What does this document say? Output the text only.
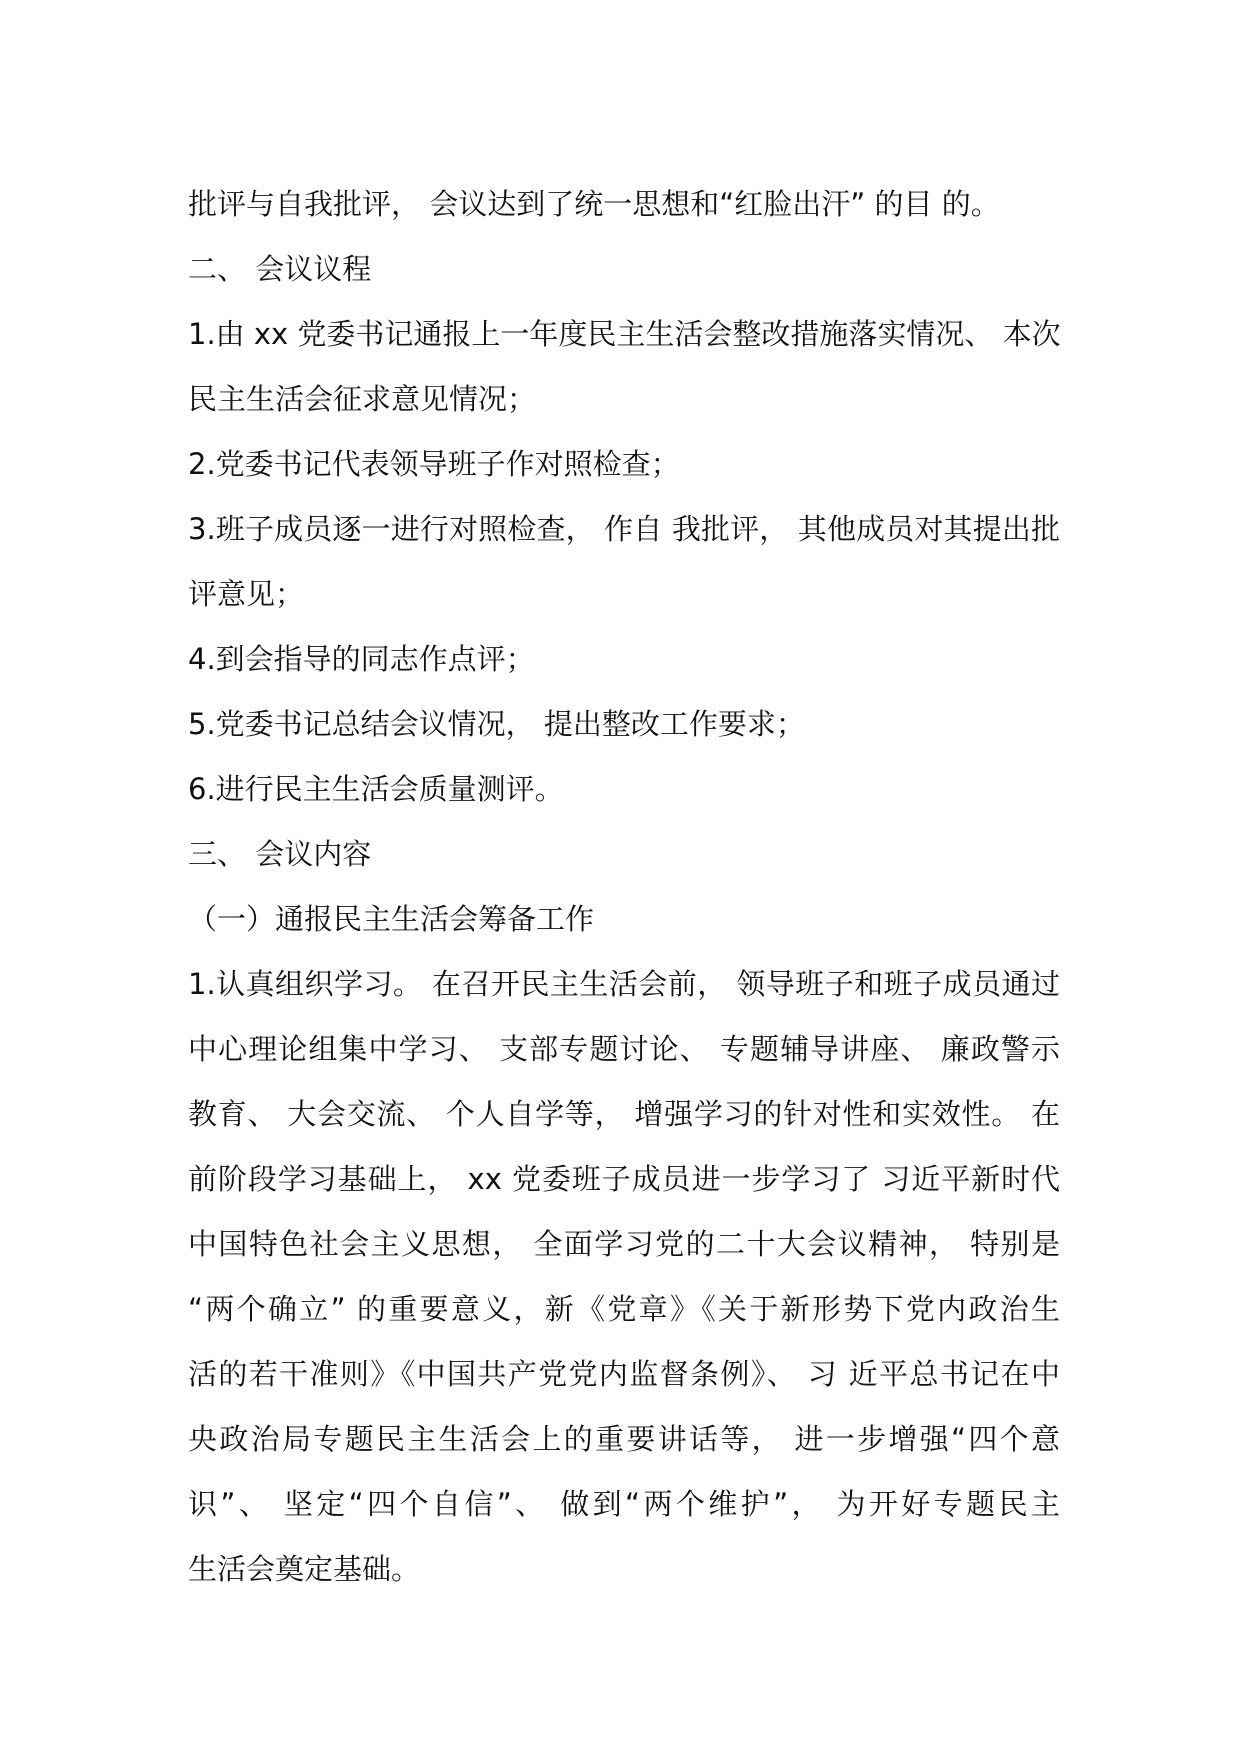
批评与自我批评， 会议达到了统一思想和“红脸出汗” 的目 的。
二、 会议议程
1.由 xx 党委书记通报上一年度民主生活会整改措施落实情况、 本次
民主生活会征求意见情况；
2.党委书记代表领导班子作对照检查；
3.班子成员逐一进行对照检查， 作自 我批评， 其他成员对其提出批
评意见；
4.到会指导的同志作点评；
5.党委书记总结会议情况， 提出整改工作要求；
6.进行民主生活会质量测评。
三、 会议内容
（一）通报民主生活会筹备工作
1.认真组织学习。 在召开民主生活会前， 领导班子和班子成员通过
中心理论组集中学习、 支部专题讨论、 专题辅导讲座、 廉政警示
教育、 大会交流、 个人自学等， 增强学习的针对性和实效性。 在
前阶段学习基础上， xx 党委班子成员进一步学习了 习近平新时代
中国特色社会主义思想， 全面学习党的二十大会议精神， 特别是
“两个确立” 的重要意义，新《党章》《关于新形势下党内政治生
活的若干准则》《中国共产党党内监督条例》、 习 近平总书记在中
央政治局专题民主生活会上的重要讲话等， 进一步增强“四个意
识”、 坚定“四个自信”、 做到“两个维护”， 为开好专题民主
生活会奠定基础。
